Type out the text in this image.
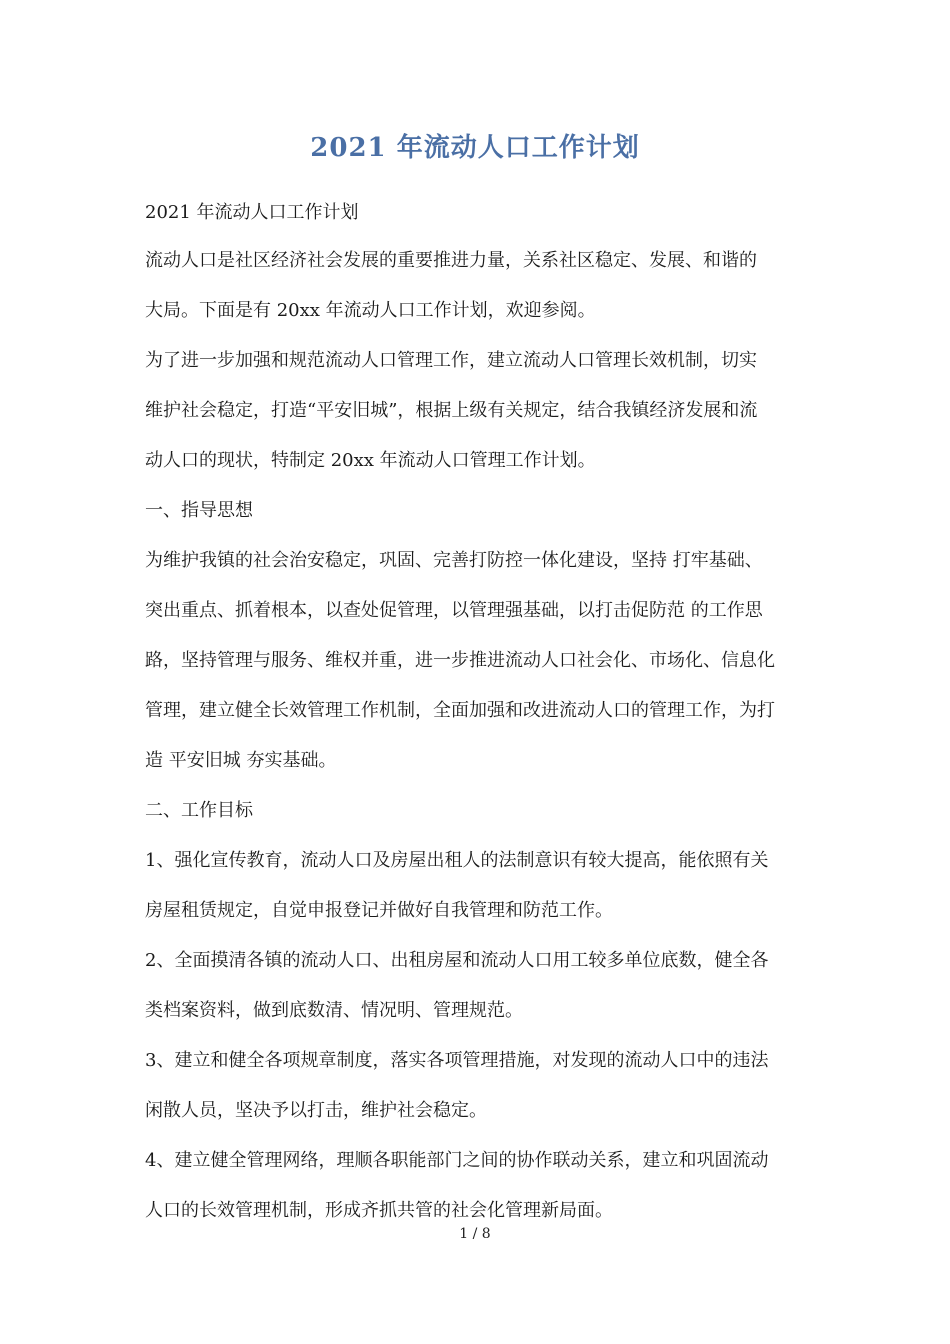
2021 年流动人口工作计划
2021 年流动人口工作计划
流动人口是社区经济社会发展的重要推进力量，关系社区稳定、发展、和谐的
大局。下面是有 20xx 年流动人口工作计划，欢迎参阅。
为了进一步加强和规范流动人口管理工作，建立流动人口管理长效机制，切实
维护社会稳定，打造“平安旧城”，根据上级有关规定，结合我镇经济发展和流
动人口的现状，特制定 20xx 年流动人口管理工作计划。
一、指导思想
为维护我镇的社会治安稳定，巩固、完善打防控一体化建设，坚持 打牢基础、
突出重点、抓着根本，以查处促管理，以管理强基础，以打击促防范 的工作思
路，坚持管理与服务、维权并重，进一步推进流动人口社会化、市场化、信息化
管理，建立健全长效管理工作机制，全面加强和改进流动人口的管理工作，为打
造 平安旧城 夯实基础。
二、工作目标
1、强化宣传教育，流动人口及房屋出租人的法制意识有较大提高，能依照有关
房屋租赁规定，自觉申报登记并做好自我管理和防范工作。
2、全面摸清各镇的流动人口、出租房屋和流动人口用工较多单位底数，健全各
类档案资料，做到底数清、情况明、管理规范。
3、建立和健全各项规章制度，落实各项管理措施，对发现的流动人口中的违法
闲散人员，坚决予以打击，维护社会稳定。
4、建立健全管理网络，理顺各职能部门之间的协作联动关系，建立和巩固流动
人口的长效管理机制，形成齐抓共管的社会化管理新局面。
1 / 8
